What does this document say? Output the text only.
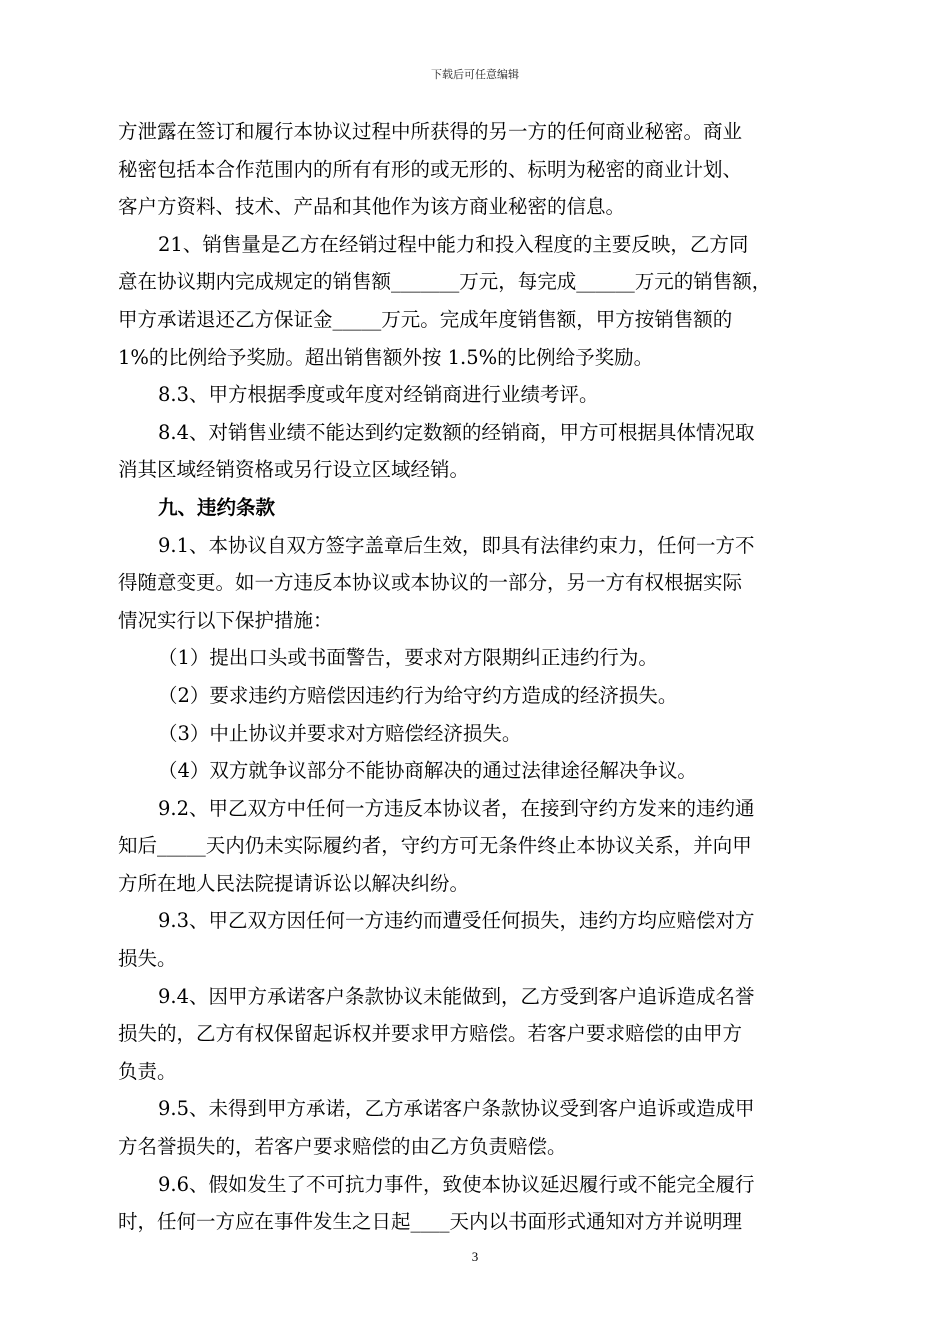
下载后可任意编辑
方泄露在签订和履行本协议过程中所获得的另一方的任何商业秘密。商业
秘密包括本合作范围内的所有有形的或无形的、标明为秘密的商业计划、
客户方资料、技术、产品和其他作为该方商业秘密的信息。
21、销售量是乙方在经销过程中能力和投入程度的主要反映，乙方同
意在协议期内完成规定的销售额_______万元，每完成______万元的销售额，
甲方承诺退还乙方保证金_____万元。完成年度销售额，甲方按销售额的
1%的比例给予奖励。超出销售额外按 1.5%的比例给予奖励。
8.3、甲方根据季度或年度对经销商进行业绩考评。
8.4、对销售业绩不能达到约定数额的经销商，甲方可根据具体情况取
消其区域经销资格或另行设立区域经销。
九、违约条款
9.1、本协议自双方签字盖章后生效，即具有法律约束力，任何一方不
得随意变更。如一方违反本协议或本协议的一部分，另一方有权根据实际
情况实行以下保护措施：
（1）提出口头或书面警告，要求对方限期纠正违约行为。
（2）要求违约方赔偿因违约行为给守约方造成的经济损失。
（3）中止协议并要求对方赔偿经济损失。
（4）双方就争议部分不能协商解决的通过法律途径解决争议。
9.2、甲乙双方中任何一方违反本协议者，在接到守约方发来的违约通
知后_____天内仍未实际履约者，守约方可无条件终止本协议关系，并向甲
方所在地人民法院提请诉讼以解决纠纷。
9.3、甲乙双方因任何一方违约而遭受任何损失，违约方均应赔偿对方
损失。
9.4、因甲方承诺客户条款协议未能做到，乙方受到客户追诉造成名誉
损失的，乙方有权保留起诉权并要求甲方赔偿。若客户要求赔偿的由甲方
负责。
9.5、未得到甲方承诺，乙方承诺客户条款协议受到客户追诉或造成甲
方名誉损失的，若客户要求赔偿的由乙方负责赔偿。
9.6、假如发生了不可抗力事件，致使本协议延迟履行或不能完全履行
时，任何一方应在事件发生之日起____天内以书面形式通知对方并说明理
3
